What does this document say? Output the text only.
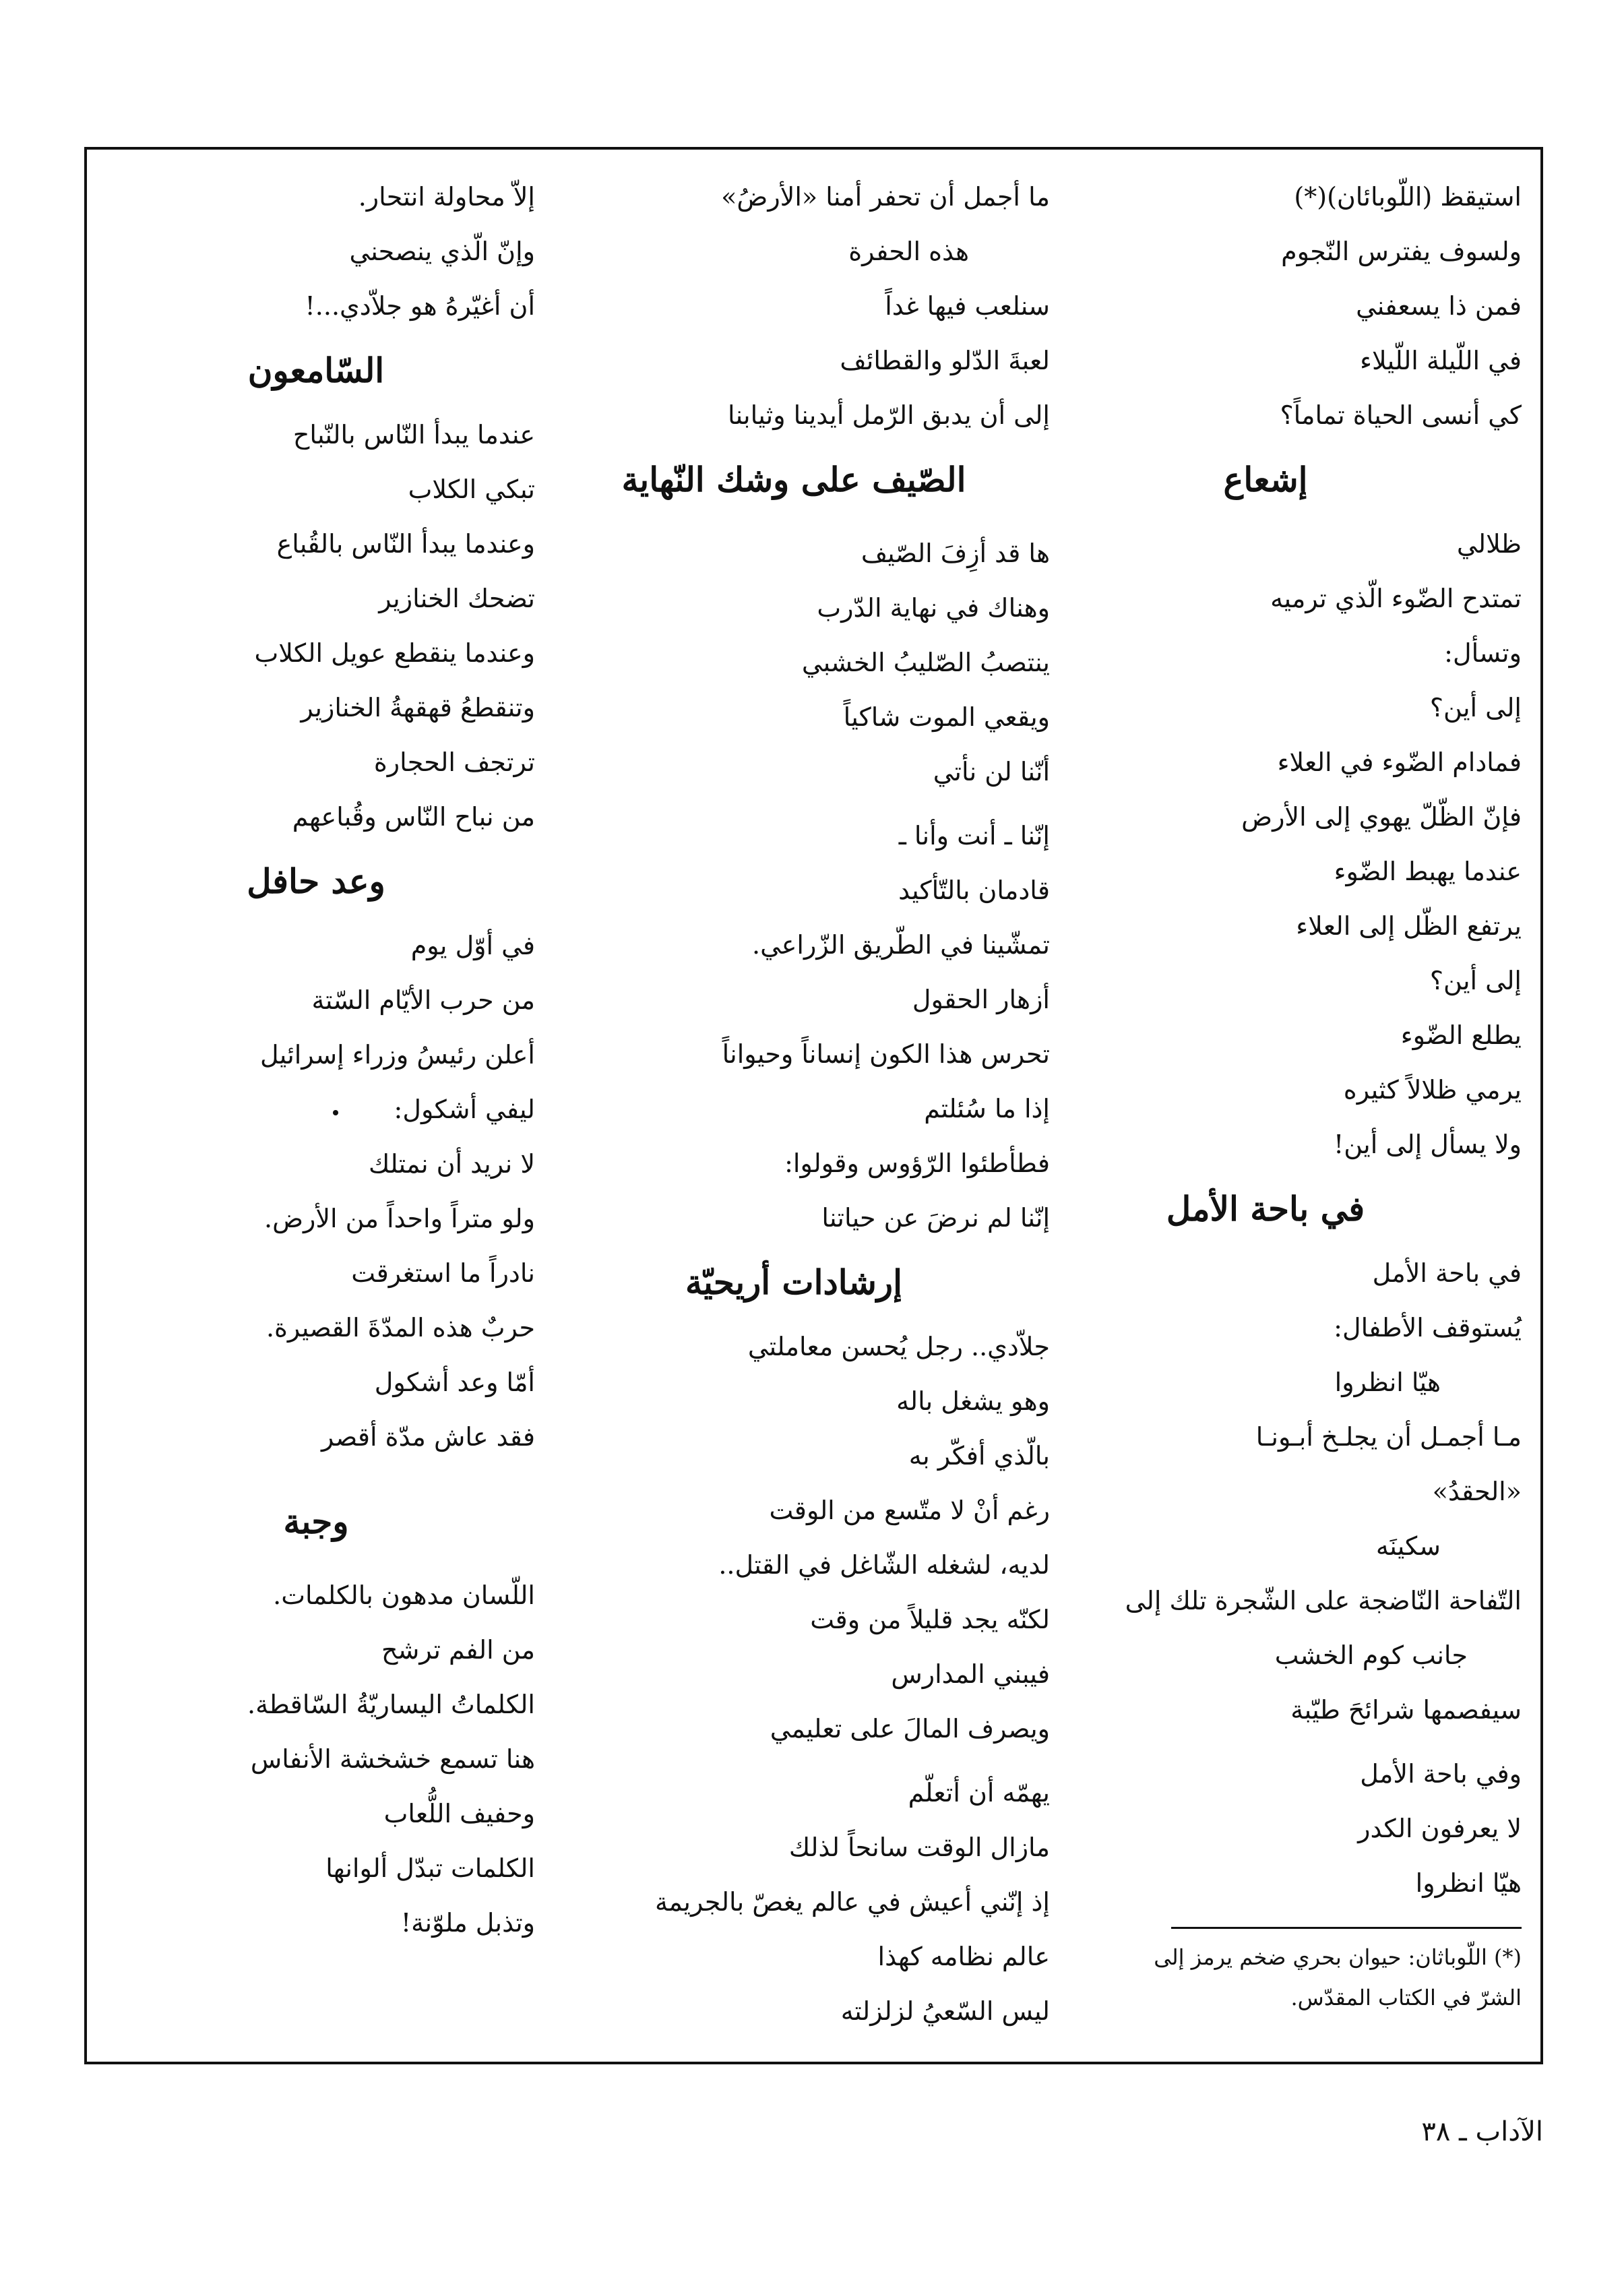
استيقظ (اللّوبائان)(*)
ولسوف يفترس النّجوم
فمن ذا يسعفني
في اللّيلة اللّيلاء
كي أنسى الحياة تماماً؟
إشعاع
ظلالي
تمتدح الضّوء الّذي ترميه
وتسأل:
إلى أين؟
فمادام الضّوء في العلاء
فإنّ الظّلّ يهوي إلى الأرض
عندما يهبط الضّوء
يرتفع الظّل إلى العلاء
إلى أين؟
يطلع الضّوء
يرمي ظلالاً كثيره
ولا يسأل إلى أين!
في باحة الأمل
في باحة الأمل
يُستوقف الأطفال:
هيّا انظروا
مـا أجمـل أن يجلـخ أبـونـا
«الحقدُ»
سكينَه
التّفاحة النّاضجة على الشّجرة تلك إلى
جانب كوم الخشب
سيفصمها شرائحَ طيّبة
وفي باحة الأمل
لا يعرفون الكدر
هيّا انظروا
(*) اللّوباثان: حيوان بحري ضخم يرمز إلى
الشرّ في الكتاب المقدّس.
ما أجمل أن تحفر أمنا «الأرضُ»
هذه الحفرة
سنلعب فيها غداً
لعبةَ الدّلو والقطائف
إلى أن يدبق الرّمل أيدينا وثيابنا
الصّيف على وشك النّهاية
ها قد أزِفَ الصّيف
وهناك في نهاية الدّرب
ينتصبُ الصّليبُ الخشبي
ويقعي الموت شاكياً
أنّنا لن نأتي
إنّنا ـ أنت وأنا ـ
قادمان بالتّأكيد
تمشّينا في الطّريق الزّراعي.
أزهار الحقول
تحرس هذا الكون إنساناً وحيواناً
إذا ما سُئلتم
فطأطئوا الرّؤوس وقولوا:
إنّنا لم نرضَ عن حياتنا
إرشادات أريحيّة
جلاّدي.. رجل يُحسن معاملتي
وهو يشغل باله
بالّذي أفكّر به
رغم أنْ لا متّسع من الوقت
لديه، لشغله الشّاغل في القتل..
لكنّه يجد قليلاً من وقت
فيبني المدارس
ويصرف المالَ على تعليمي
يهمّه أن أتعلّم
مازال الوقت سانحاً لذلك
إذ إنّني أعيش في عالم يغصّ بالجريمة
عالم نظامه كهذا
ليس السّعيُ لزلزلته
إلاّ محاولة انتحار.
وإنّ الّذي ينصحني
أن أغيّرهُ هو جلاّدي...!
السّامعون
عندما يبدأ النّاس بالنّباح
تبكي الكلاب
وعندما يبدأ النّاس بالقُباع
تضحك الخنازير
وعندما ينقطع عويل الكلاب
وتنقطعُ قهقهةُ الخنازير
ترتجف الحجارة
من نباح النّاس وقُباعهم
وعد حافل
في أوّل يوم
من حرب الأيّام السّتة
أعلن رئيسُ وزراء إسرائيل
ليفي أشكول:
لا نريد أن نمتلك
ولو متراً واحداً من الأرض.
نادراً ما استغرقت
حربٌ هذه المدّةَ القصيرة.
أمّا وعد أشكول
فقد عاش مدّة أقصر
وجبة
اللّسان مدهون بالكلمات.
من الفم ترشح
الكلماتُ اليساريّةُ السّاقطة.
هنا تسمع خشخشة الأنفاس
وحفيف اللُّعاب
الكلمات تبدّل ألوانها
وتذبل ملوّنة!
الآداب ـ ٣٨
